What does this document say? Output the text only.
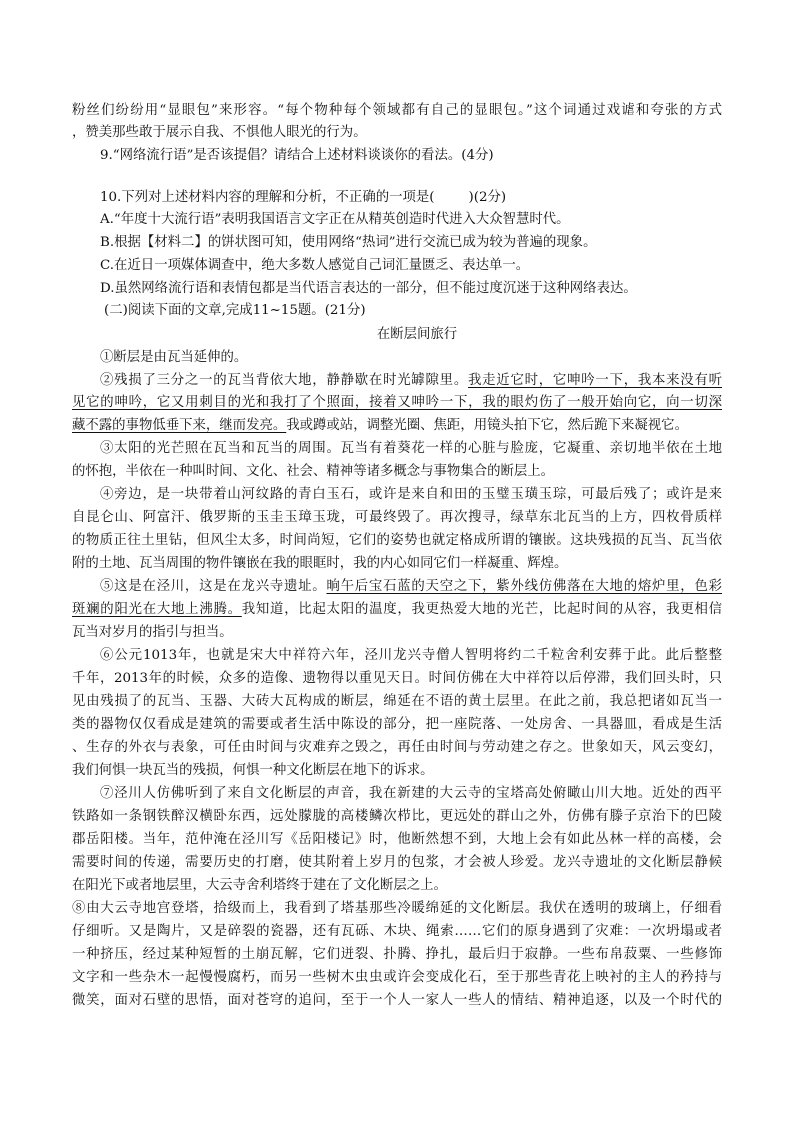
粉丝们纷纷用“显眼包”来形容。“每个物种每个领域都有自己的显眼包。”这个词通过戏谑和夸张的方式
，赞美那些敢于展示自我、不惧他人眼光的行为。
9.“网络流行语”是否该提倡？请结合上述材料谈谈你的看法。(4分)
10.下列对上述材料内容的理解和分析，不正确的一项是(	)(2分)
A.“年度十大流行语”表明我国语言文字正在从精英创造时代进入大众智慧时代。
B.根据【材料二】的饼状图可知，使用网络“热词”进行交流已成为较为普遍的现象。
C.在近日一项媒体调查中，绝大多数人感觉自己词汇量匮乏、表达单一。
D.虽然网络流行语和表情包都是当代语言表达的一部分，但不能过度沉迷于这种网络表达。
(二)阅读下面的文章,完成11~15题。(21分)
在断层间旅行
①断层是由瓦当延伸的。
②残损了三分之一的瓦当背依大地，静静歇在时光罅隙里。我走近它时，它呻吟一下，我本来没有听
见它的呻吟，它又用刺目的光和我打了个照面，接着又呻吟一下，我的眼灼伤了一般开始向它，向一切深
藏不露的事物低垂下来，继而发亮。我或蹲或站，调整光圈、焦距，用镜头拍下它，然后跪下来凝视它。
③太阳的光芒照在瓦当和瓦当的周围。瓦当有着葵花一样的心脏与脸庞，它凝重、亲切地半依在土地
的怀抱，半依在一种叫时间、文化、社会、精神等诸多概念与事物集合的断层上。
④旁边，是一块带着山河纹路的青白玉石，或许是来自和田的玉璧玉璜玉琮，可最后残了；或许是来
自昆仑山、阿富汗、俄罗斯的玉圭玉璋玉珑，可最终毁了。再次搜寻，绿草东北瓦当的上方，四枚骨质样
的物质正往土里钻，但风尘太多，时间尚短，它们的姿势也就定格成所谓的镶嵌。这块残损的瓦当、瓦当依
附的土地、瓦当周围的物件镶嵌在我的眼眶时，我的内心如同它们一样凝重、辉煌。
⑤这是在泾川，这是在龙兴寺遗址。晌午后宝石蓝的天空之下，紫外线仿佛落在大地的熔炉里，色彩
斑斓的阳光在大地上沸腾。我知道，比起太阳的温度，我更热爱大地的光芒，比起时间的从容，我更相信
瓦当对岁月的指引与担当。
⑥公元1013年，也就是宋大中祥符六年，泾川龙兴寺僧人智明将约二千粒舍利安葬于此。此后整整
千年，2013年的时候，众多的造像、遗物得以重见天日。时间仿佛在大中祥符以后停滞，我们回头时，只
见由残损了的瓦当、玉器、大砖大瓦构成的断层，绵延在不语的黄土层里。在此之前，我总把诸如瓦当一
类的器物仅仅看成是建筑的需要或者生活中陈设的部分，把一座院落、一处房舍、一具器皿，看成是生活
、生存的外衣与表象，可任由时间与灾难弃之毁之，再任由时间与劳动建之存之。世象如天，风云变幻，
我们何惧一块瓦当的残损，何惧一种文化断层在地下的诉求。
⑦泾川人仿佛听到了来自文化断层的声音，我在新建的大云寺的宝塔高处俯瞰山川大地。近处的西平
铁路如一条钢铁醉汉横卧东西，远处朦胧的高楼鳞次栉比，更远处的群山之外，仿佛有滕子京治下的巴陵
郡岳阳楼。当年，范仲淹在泾川写《岳阳楼记》时，他断然想不到，大地上会有如此丛林一样的高楼，会
需要时间的传递，需要历史的打磨，使其附着上岁月的包浆，才会被人珍爱。龙兴寺遗址的文化断层静候
在阳光下或者地层里，大云寺舍利塔终于建在了文化断层之上。
⑧由大云寺地宫登塔，拾级而上，我看到了塔基那些冷暖绵延的文化断层。我伏在透明的玻璃上，仔细看
仔细听。又是陶片，又是碎裂的瓷器，还有瓦砾、木块、绳索……它们的原身遇到了灾难：一次坍塌或者
一种挤压，经过某种短暂的土崩瓦解，它们迸裂、扑腾、挣扎，最后归于寂静。一些布帛菽粟、一些修饰
文字和一些杂木一起慢慢腐朽，而另一些树木虫虫或许会变成化石，至于那些青花上映衬的主人的矜持与
微笑，面对石壁的思悟，面对苍穹的追问，至于一个人一家人一些人的情结、精神追逐，以及一个时代的
